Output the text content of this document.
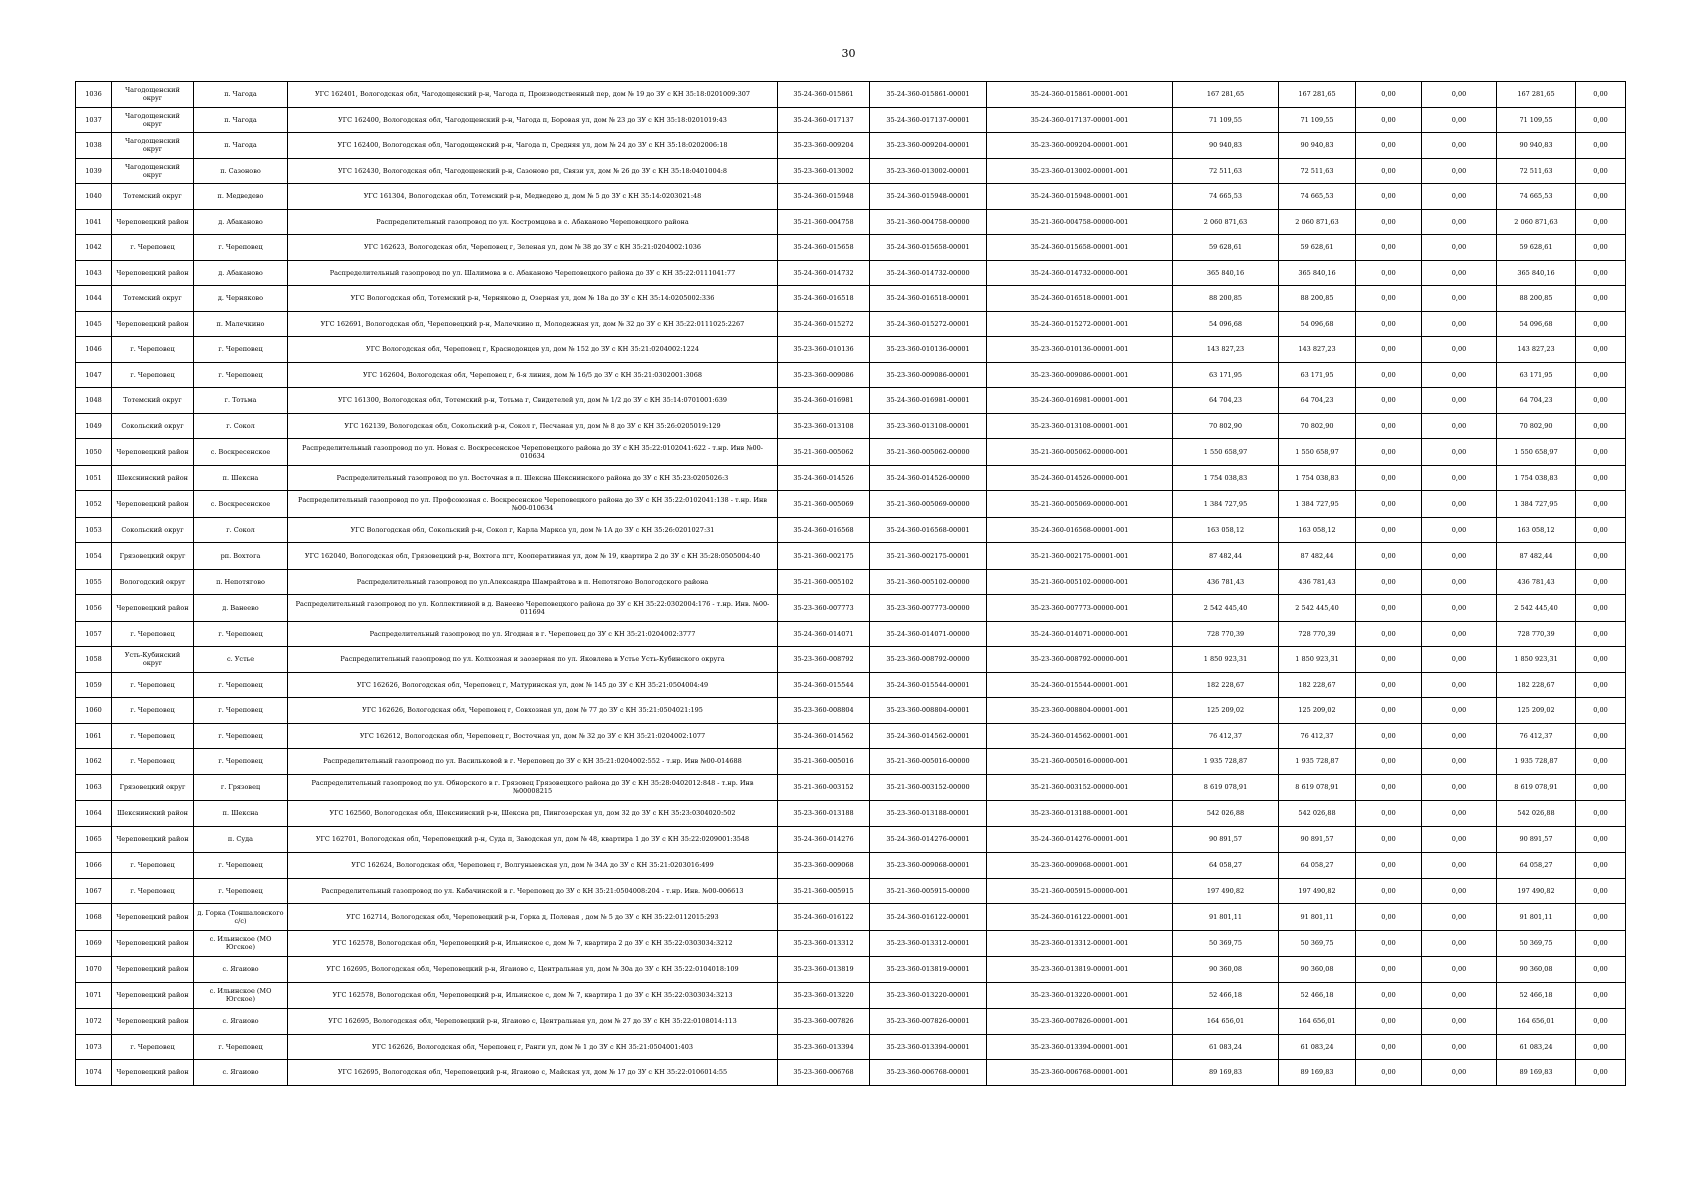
30
1036	Чагодощенский округ	п. Чагода	УГС 162401, Вологодская обл, Чагодощенский р-н, Чагода п, Производственный пер, дом № 19 до ЗУ с КН 35:18:0201009:307	35-24-360-015861	35-24-360-015861-00001	35-24-360-015861-00001-001	167 281,65	167 281,65	0,00	0,00	167 281,65	0,00
1037	Чагодощенский округ	п. Чагода	УГС 162400, Вологодская обл, Чагодощенский р-н, Чагода п, Боровая ул, дом № 23 до ЗУ с КН 35:18:0201019:43	35-24-360-017137	35-24-360-017137-00001	35-24-360-017137-00001-001	71 109,55	71 109,55	0,00	0,00	71 109,55	0,00
1038	Чагодощенский округ	п. Чагода	УГС 162400, Вологодская обл, Чагодощенский р-н, Чагода п, Средняя ул, дом № 24 до ЗУ с КН 35:18:0202006:18	35-23-360-009204	35-23-360-009204-00001	35-23-360-009204-00001-001	90 940,83	90 940,83	0,00	0,00	90 940,83	0,00
1039	Чагодощенский округ	п. Сазоново	УГС 162430, Вологодская обл, Чагодощенский р-н, Сазоново рп, Связи ул, дом № 26 до ЗУ с КН 35:18:0401004:8	35-23-360-013002	35-23-360-013002-00001	35-23-360-013002-00001-001	72 511,63	72 511,63	0,00	0,00	72 511,63	0,00
1040	Тотемский округ	п. Медведево	УГС 161304, Вологодская обл, Тотемский р-н, Медведево д, дом № 5 до ЗУ с КН 35:14:0203021:48	35-24-360-015948	35-24-360-015948-00001	35-24-360-015948-00001-001	74 665,53	74 665,53	0,00	0,00	74 665,53	0,00
1041	Череповецкий район	д. Абакановo	Распределительный газопровод по ул. Костромцова в с. Абаканово Череповецкого района	35-21-360-004758	35-21-360-004758-00000	35-21-360-004758-00000-001	2 060 871,63	2 060 871,63	0,00	0,00	2 060 871,63	0,00
1042	г. Череповец	г. Череповец	УГС 162623, Вологодская обл, Череповец г, Зеленая ул, дом № 38 до ЗУ с КН 35:21:0204002:1036	35-24-360-015658	35-24-360-015658-00001	35-24-360-015658-00001-001	59 628,61	59 628,61	0,00	0,00	59 628,61	0,00
1043	Череповецкий район	д. Абакановo	Распределительный газопровод по ул. Шалимова в с. Абаканово Череповецкого района до ЗУ с КН 35:22:0111041:77	35-24-360-014732	35-24-360-014732-00000	35-24-360-014732-00000-001	365 840,16	365 840,16	0,00	0,00	365 840,16	0,00
1044	Тотемский округ	д. Черняково	УГС Вологодская обл, Тотемский р-н, Черняково д, Озерная ул, дом № 18а до ЗУ с КН 35:14:0205002:336	35-24-360-016518	35-24-360-016518-00001	35-24-360-016518-00001-001	88 200,85	88 200,85	0,00	0,00	88 200,85	0,00
1045	Череповецкий район	п. Малечкино	УГС 162691, Вологодская обл, Череповецкий р-н, Малечкино п, Молодежная ул, дом № 32 до ЗУ с КН 35:22:0111025:2267	35-24-360-015272	35-24-360-015272-00001	35-24-360-015272-00001-001	54 096,68	54 096,68	0,00	0,00	54 096,68	0,00
1046	г. Череповец	г. Череповец	УГС Вологодская обл, Череповец г, Краснодонцев ул, дом № 152 до ЗУ с КН 35:21:0204002:1224	35-23-360-010136	35-23-360-010136-00001	35-23-360-010136-00001-001	143 827,23	143 827,23	0,00	0,00	143 827,23	0,00
1047	г. Череповец	г. Череповец	УГС 162604, Вологодская обл, Череповец г, 6-я линия, дом № 16/5 до ЗУ с КН 35:21:0302001:3068	35-23-360-009086	35-23-360-009086-00001	35-23-360-009086-00001-001	63 171,95	63 171,95	0,00	0,00	63 171,95	0,00
1048	Тотемский округ	г. Тотьма	УГС 161300, Вологодская обл, Тотемский р-н, Тотьма г, Свидетелей ул, дом № 1/2 до ЗУ с КН 35:14:0701001:639	35-24-360-016981	35-24-360-016981-00001	35-24-360-016981-00001-001	64 704,23	64 704,23	0,00	0,00	64 704,23	0,00
1049	Сокольский округ	г. Сокол	УГС 162139, Вологодская обл, Сокольский р-н, Сокол г, Песчаная ул, дом № 8 до ЗУ с КН 35:26:0205019:129	35-23-360-013108	35-23-360-013108-00001	35-23-360-013108-00001-001	70 802,90	70 802,90	0,00	0,00	70 802,90	0,00
1050	Череповецкий район	с. Воскресенское	Распределительный газопровод по ул. Новая с. Воскресенское Череповецкого района до ЗУ с КН 35:22:0102041:622 - т.нр. Инв №00-010634	35-21-360-005062	35-21-360-005062-00000	35-21-360-005062-00000-001	1 550 658,97	1 550 658,97	0,00	0,00	1 550 658,97	0,00
1051	Шекснинский район	п. Шексна	Распределительный газопровод по ул. Восточная в п. Шексна Шекснинского района до ЗУ с КН 35:23:0205026:3	35-24-360-014526	35-24-360-014526-00000	35-24-360-014526-00000-001	1 754 038,83	1 754 038,83	0,00	0,00	1 754 038,83	0,00
1052	Череповецкий район	с. Воскресенское	Распределительный газопровод по ул. Профсоюзная с. Воскресенское Череповецкого района до ЗУ с КН 35:22:0102041:138 - т.нр. Инв №00-010634	35-21-360-005069	35-21-360-005069-00000	35-21-360-005069-00000-001	1 384 727,95	1 384 727,95	0,00	0,00	1 384 727,95	0,00
1053	Сокольский округ	г. Сокол	УГС Вологодская обл, Сокольский р-н, Сокол г, Карла Маркса ул, дом № 1А до ЗУ с КН 35:26:0201027:31	35-24-360-016568	35-24-360-016568-00001	35-24-360-016568-00001-001	163 058,12	163 058,12	0,00	0,00	163 058,12	0,00
1054	Грязовецкий округ	рп. Вохтога	УГС 162040, Вологодская обл, Грязовецкий р-н, Вохтога пгт, Кооперативная ул, дом № 19, квартира 2 до ЗУ с КН 35:28:0505004:40	35-21-360-002175	35-21-360-002175-00001	35-21-360-002175-00001-001	87 482,44	87 482,44	0,00	0,00	87 482,44	0,00
1055	Вологодский округ	п. Непотягово	Распределительный газопровод по ул.Александра Шамрайтова в п. Непотягово Вологодского района	35-21-360-005102	35-21-360-005102-00000	35-21-360-005102-00000-001	436 781,43	436 781,43	0,00	0,00	436 781,43	0,00
1056	Череповецкий район	д. Ванеево	Распределительный газопровод по ул. Коллективной в д. Ванеево Череповецкого района до ЗУ с КН 35:22:0302004:176 - т.нр. Инв. №00-011694	35-23-360-007773	35-23-360-007773-00000	35-23-360-007773-00000-001	2 542 445,40	2 542 445,40	0,00	0,00	2 542 445,40	0,00
1057	г. Череповец	г. Череповец	Распределительный газопровод по ул. Ягодная в г. Череповец до ЗУ с КН 35:21:0204002:3777	35-24-360-014071	35-24-360-014071-00000	35-24-360-014071-00000-001	728 770,39	728 770,39	0,00	0,00	728 770,39	0,00
1058	Усть-Кубинский округ	с. Устье	Распределительный газопровод по ул. Колхозная и заозерная по ул. Яковлева в Устье Усть-Кубинского округа	35-23-360-008792	35-23-360-008792-00000	35-23-360-008792-00000-001	1 850 923,31	1 850 923,31	0,00	0,00	1 850 923,31	0,00
1059	г. Череповец	г. Череповец	УГС 162626, Вологодская обл, Череповец г, Матуринская ул, дом № 145 до ЗУ с КН 35:21:0504004:49	35-24-360-015544	35-24-360-015544-00001	35-24-360-015544-00001-001	182 228,67	182 228,67	0,00	0,00	182 228,67	0,00
1060	г. Череповец	г. Череповец	УГС 162626, Вологодская обл, Череповец г, Совхозная ул, дом № 77 до ЗУ с КН 35:21:0504021:195	35-23-360-008804	35-23-360-008804-00001	35-23-360-008804-00001-001	125 209,02	125 209,02	0,00	0,00	125 209,02	0,00
1061	г. Череповец	г. Череповец	УГС 162612, Вологодская обл, Череповец г, Восточная ул, дом № 32 до ЗУ с КН 35:21:0204002:1077	35-24-360-014562	35-24-360-014562-00001	35-24-360-014562-00001-001	76 412,37	76 412,37	0,00	0,00	76 412,37	0,00
1062	г. Череповец	г. Череповец	Распределительный газопровод по ул. Васильковой в г. Череповец до ЗУ с КН 35:21:0204002:552 - т.нр. Инв №00-014688	35-21-360-005016	35-21-360-005016-00000	35-21-360-005016-00000-001	1 935 728,87	1 935 728,87	0,00	0,00	1 935 728,87	0,00
1063	Грязовецкий округ	г. Грязовец	Распределительный газопровод по ул. Обнорского в г. Грязовец Грязовецкого района до ЗУ с КН 35:28:0402012:848 - т.нр. Инв №00008215	35-21-360-003152	35-21-360-003152-00000	35-21-360-003152-00000-001	8 619 078,91	8 619 078,91	0,00	0,00	8 619 078,91	0,00
1064	Шекснинский район	п. Шексна	УГС 162560, Вологодская обл, Шекснинский р-н, Шексна рп, Пингозерская ул, дом 32 до ЗУ с КН 35:23:0304020:502	35-23-360-013188	35-23-360-013188-00001	35-23-360-013188-00001-001	542 026,88	542 026,88	0,00	0,00	542 026,88	0,00
1065	Череповецкий район	п. Суда	УГС 162701, Вологодская обл, Череповецкий р-н, Суда п, Заводская ул, дом № 48, квартира 1 до ЗУ с КН 35:22:0209001:3548	35-24-360-014276	35-24-360-014276-00001	35-24-360-014276-00001-001	90 891,57	90 891,57	0,00	0,00	90 891,57	0,00
1066	г. Череповец	г. Череповец	УГС 162624, Вологодская обл, Череповец г, Волгуныевская ул, дом № 34А до ЗУ с КН 35:21:0203016:499	35-23-360-009068	35-23-360-009068-00001	35-23-360-009068-00001-001	64 058,27	64 058,27	0,00	0,00	64 058,27	0,00
1067	г. Череповец	г. Череповец	Распределительный газопровод по ул. Кабачинской в г. Череповец до ЗУ с КН 35:21:0504008:204 - т.нр. Инв. №00-006613	35-21-360-005915	35-21-360-005915-00000	35-21-360-005915-00000-001	197 490,82	197 490,82	0,00	0,00	197 490,82	0,00
1068	Череповецкий район	д. Горка (Тоншаловского с/с)	УГС 162714, Вологодская обл, Череповецкий р-н, Горка д, Полевая , дом № 5 до ЗУ с КН 35:22:0112015:293	35-24-360-016122	35-24-360-016122-00001	35-24-360-016122-00001-001	91 801,11	91 801,11	0,00	0,00	91 801,11	0,00
1069	Череповецкий район	с. Ильинское (МО Югское)	УГС 162578, Вологодская обл, Череповецкий р-н, Ильинское с, дом № 7, квартира 2 до ЗУ с КН 35:22:0303034:3212	35-23-360-013312	35-23-360-013312-00001	35-23-360-013312-00001-001	50 369,75	50 369,75	0,00	0,00	50 369,75	0,00
1070	Череповецкий район	с. Ягаиово	УГС 162695, Вологодская обл, Череповецкий р-н, Ягаиово с, Центральная ул, дом № 30а до ЗУ с КН 35:22:0104018:109	35-23-360-013819	35-23-360-013819-00001	35-23-360-013819-00001-001	90 360,08	90 360,08	0,00	0,00	90 360,08	0,00
1071	Череповецкий район	с. Ильинское (МО Югское)	УГС 162578, Вологодская обл, Череповецкий р-н, Ильинское с, дом № 7, квартира 1 до ЗУ с КН 35:22:0303034:3213	35-23-360-013220	35-23-360-013220-00001	35-23-360-013220-00001-001	52 466,18	52 466,18	0,00	0,00	52 466,18	0,00
1072	Череповецкий район	с. Ягаиово	УГС 162695, Вологодская обл, Череповецкий р-н, Ягаиово с, Центральная ул, дом № 27 до ЗУ с КН 35:22:0108014:113	35-23-360-007826	35-23-360-007826-00001	35-23-360-007826-00001-001	164 656,01	164 656,01	0,00	0,00	164 656,01	0,00
1073	г. Череповец	г. Череповец	УГС 162626, Вологодская обл, Череповец г, Ранги ул, дом № 1 до ЗУ с КН 35:21:0504001:403	35-23-360-013394	35-23-360-013394-00001	35-23-360-013394-00001-001	61 083,24	61 083,24	0,00	0,00	61 083,24	0,00
1074	Череповецкий район	с. Ягаиово	УГС 162695, Вологодская обл, Череповецкий р-н, Ягаиово с, Майская ул, дом № 17 до ЗУ с КН 35:22:0106014:55	35-23-360-006768	35-23-360-006768-00001	35-23-360-006768-00001-001	89 169,83	89 169,83	0,00	0,00	89 169,83	0,00
